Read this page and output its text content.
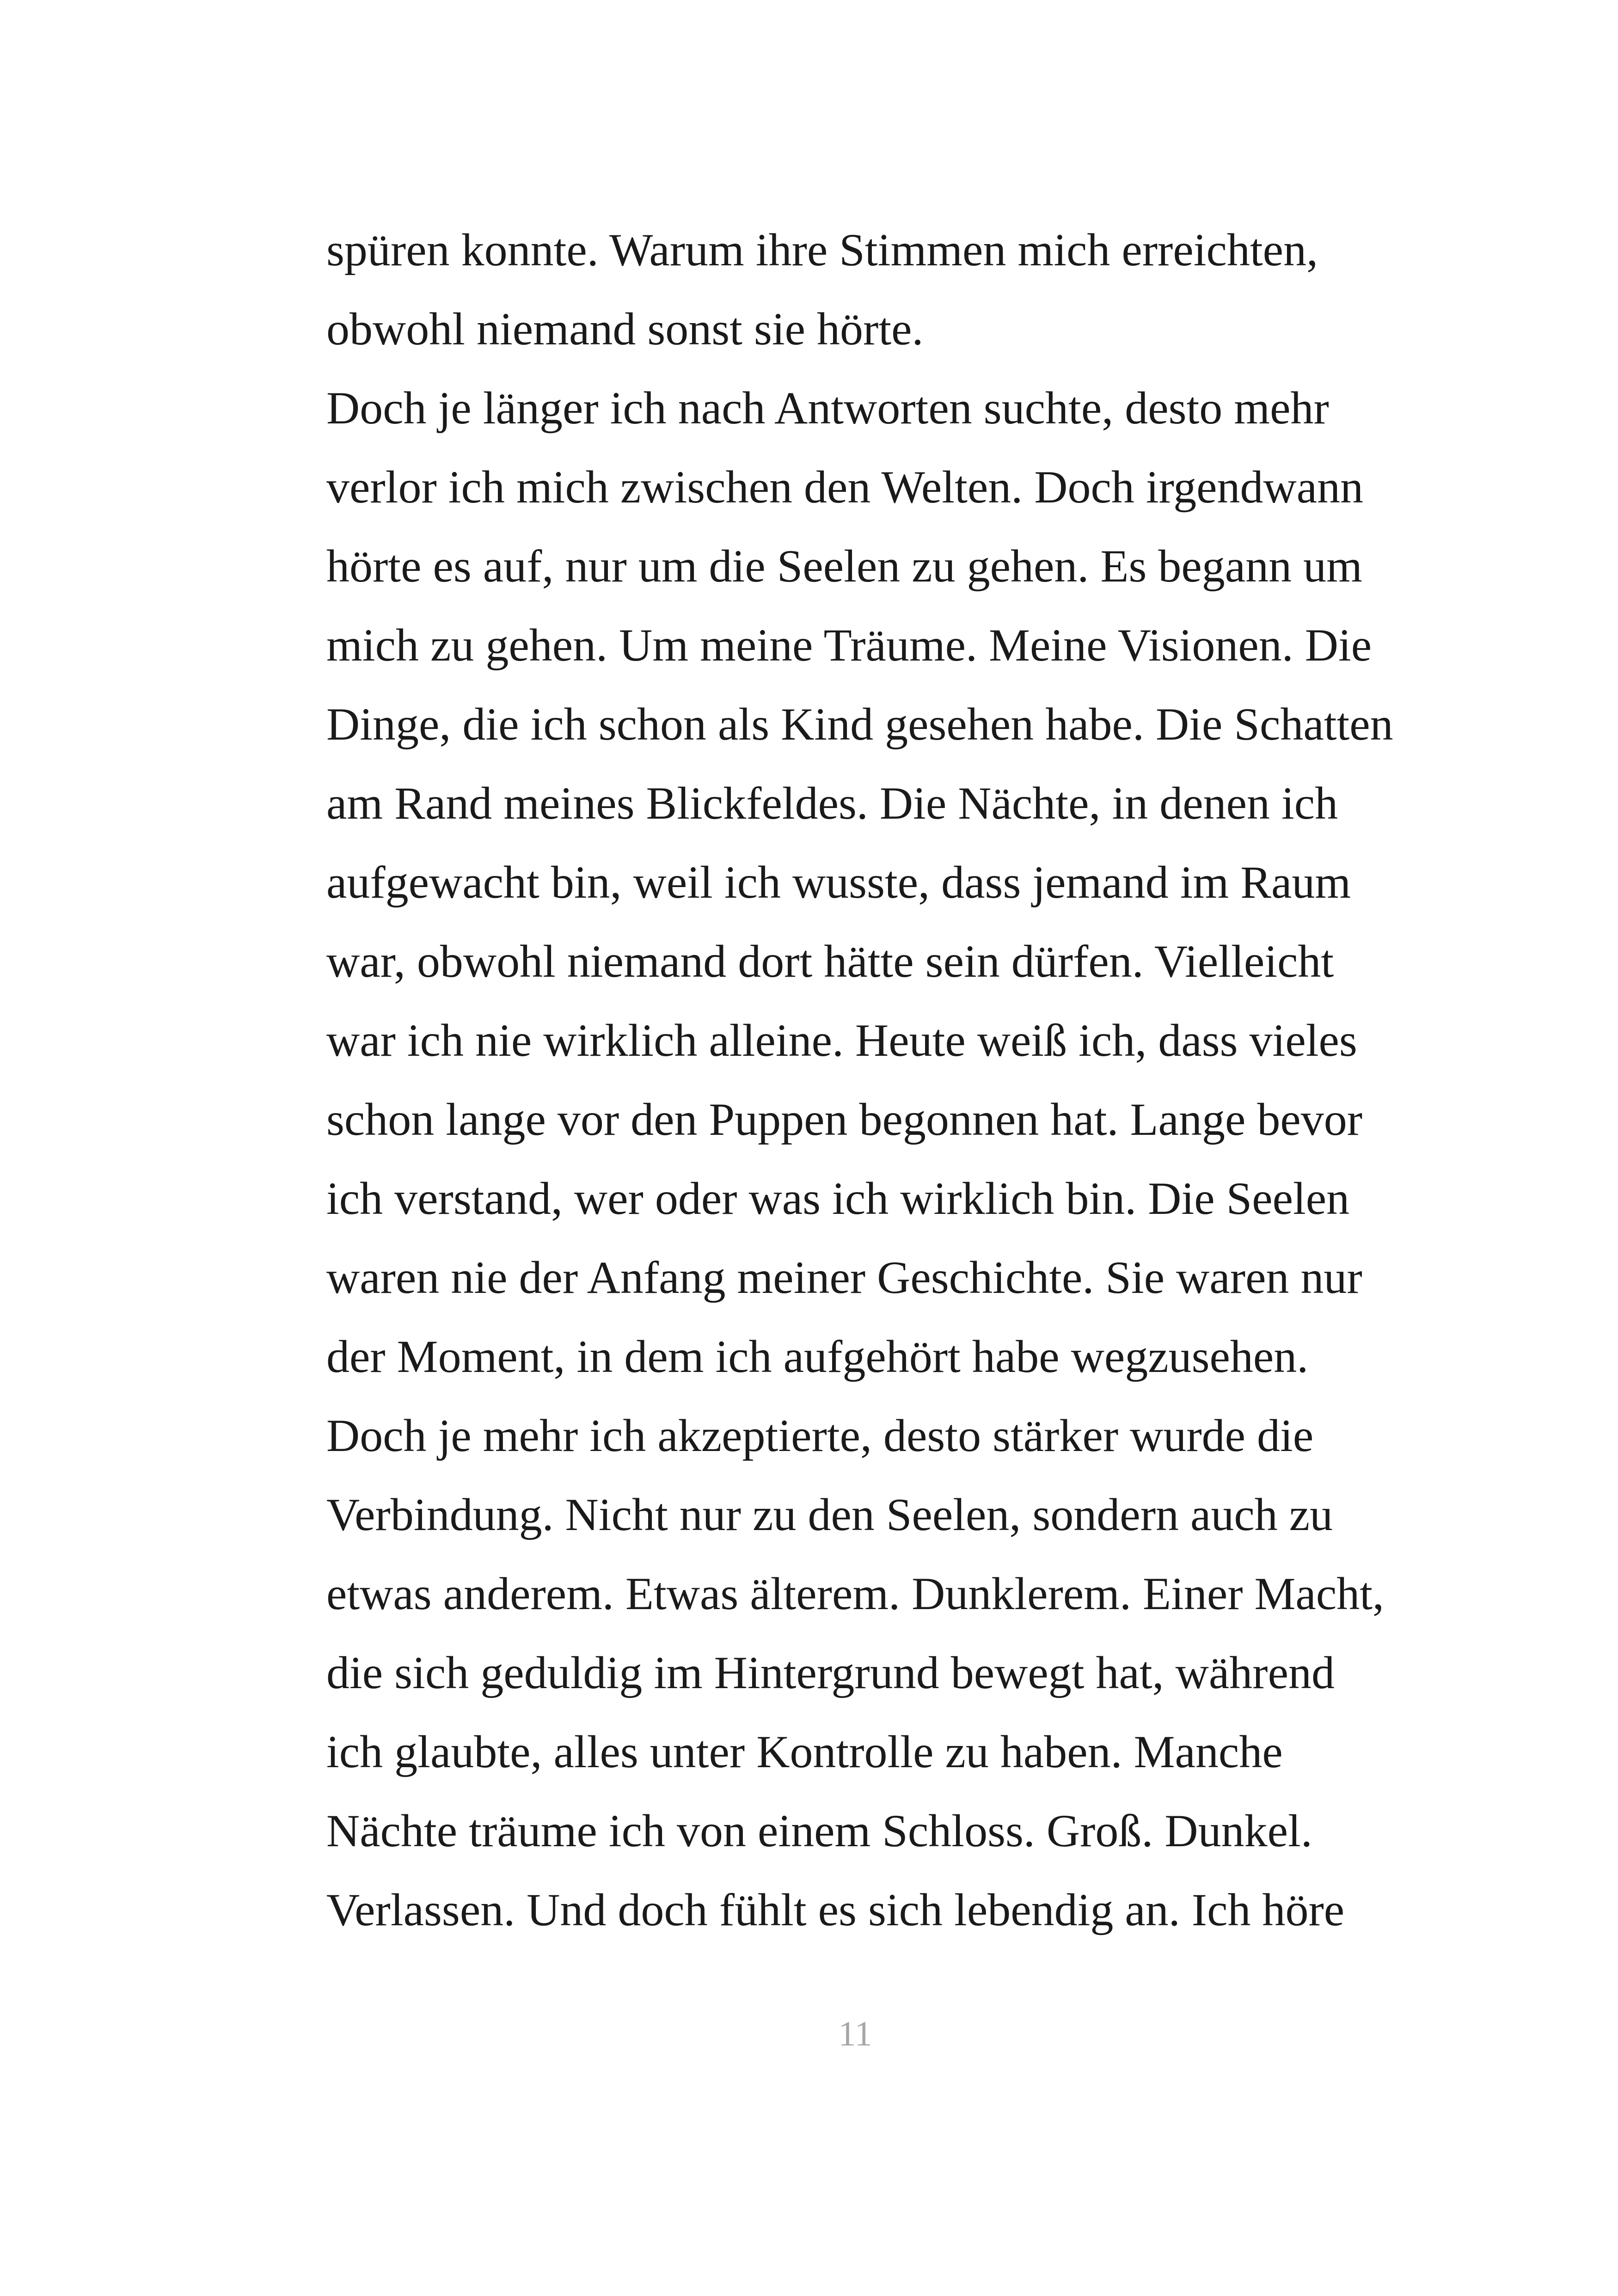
spüren konnte. Warum ihre Stimmen mich erreichten,
obwohl niemand sonst sie hörte.
Doch je länger ich nach Antworten suchte, desto mehr
verlor ich mich zwischen den Welten. Doch irgendwann
hörte es auf, nur um die Seelen zu gehen. Es begann um
mich zu gehen. Um meine Träume. Meine Visionen. Die
Dinge, die ich schon als Kind gesehen habe. Die Schatten
am Rand meines Blickfeldes. Die Nächte, in denen ich
aufgewacht bin, weil ich wusste, dass jemand im Raum
war, obwohl niemand dort hätte sein dürfen. Vielleicht
war ich nie wirklich alleine. Heute weiß ich, dass vieles
schon lange vor den Puppen begonnen hat. Lange bevor
ich verstand, wer oder was ich wirklich bin. Die Seelen
waren nie der Anfang meiner Geschichte. Sie waren nur
der Moment, in dem ich aufgehört habe wegzusehen.
Doch je mehr ich akzeptierte, desto stärker wurde die
Verbindung. Nicht nur zu den Seelen, sondern auch zu
etwas anderem. Etwas älterem. Dunklerem. Einer Macht,
die sich geduldig im Hintergrund bewegt hat, während
ich glaubte, alles unter Kontrolle zu haben. Manche
Nächte träume ich von einem Schloss. Groß. Dunkel.
Verlassen. Und doch fühlt es sich lebendig an. Ich höre
11
